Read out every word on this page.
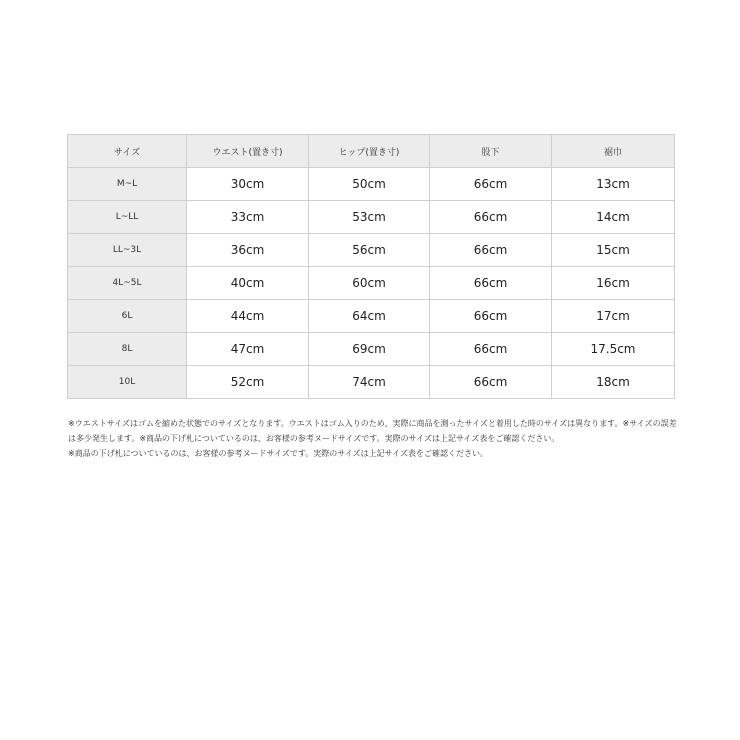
サイズ	ウエスト(置き寸)	ヒップ(置き寸)	股下	裾巾
M~L	30cm	50cm	66cm	13cm
L~LL	33cm	53cm	66cm	14cm
LL~3L	36cm	56cm	66cm	15cm
4L~5L	40cm	60cm	66cm	16cm
6L	44cm	64cm	66cm	17cm
8L	47cm	69cm	66cm	17.5cm
10L	52cm	74cm	66cm	18cm

※ウエストサイズはゴムを縮めた状態でのサイズとなります。ウエストはゴム入りのため、実際に商品を測ったサイズと着用した時のサイズは異なります。※サイズの誤差は多少発生します。※商品の下げ札についているのは、お客様の参考ヌードサイズです。実際のサイズは上記サイズ表をご確認ください。

※商品の下げ札についているのは、お客様の参考ヌードサイズです。実際のサイズは上記サイズ表をご確認ください。
